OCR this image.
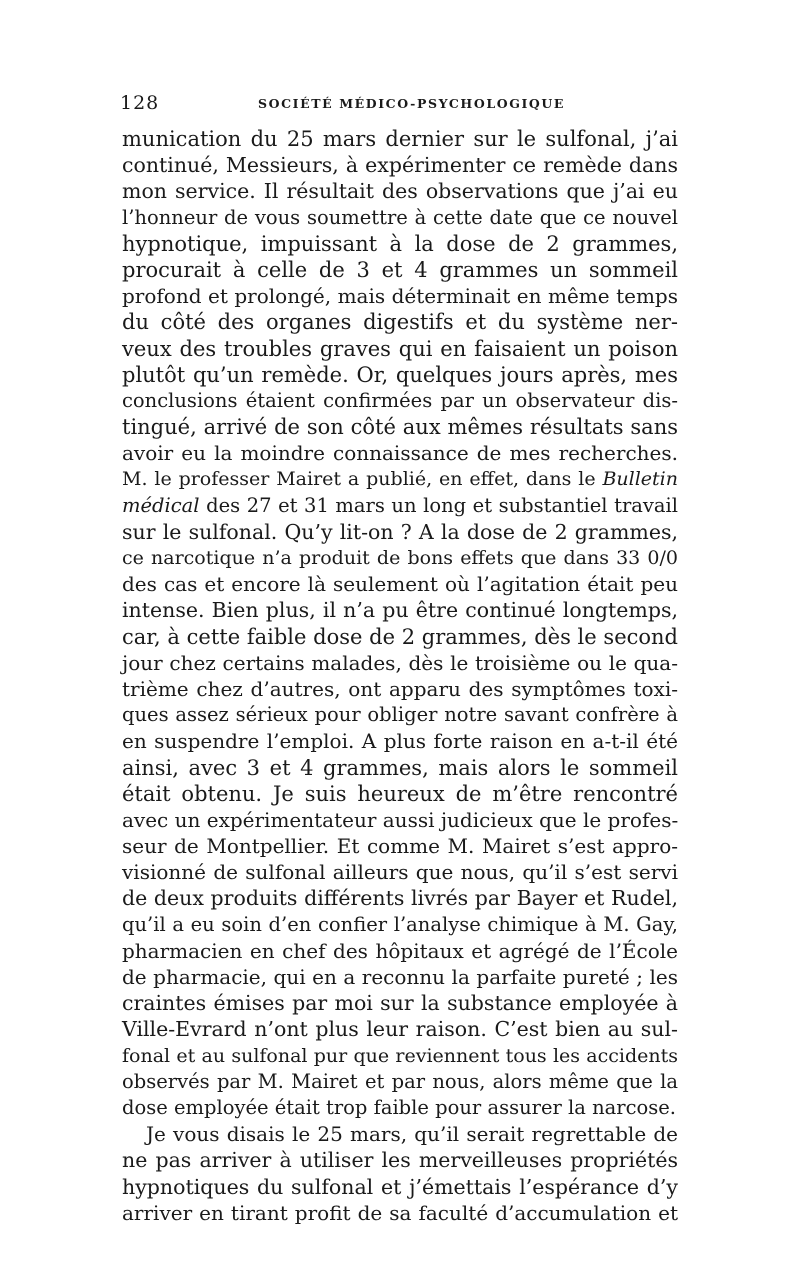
128	SOCIÉTÉ MÉDICO-PSYCHOLOGIQUE
munication du 25 mars dernier sur le sulfonal, j’ai
continué, Messieurs, à expérimenter ce remède dans
mon service. Il résultait des observations que j’ai eu
l’honneur de vous soumettre à cette date que ce nouvel
hypnotique, impuissant à la dose de 2 grammes,
procurait à celle de 3 et 4 grammes un sommeil
profond et prolongé, mais déterminait en même temps
du côté des organes digestifs et du système ner-
veux des troubles graves qui en faisaient un poison
plutôt qu’un remède. Or, quelques jours après, mes
conclusions étaient confirmées par un observateur dis-
tingué, arrivé de son côté aux mêmes résultats sans
avoir eu la moindre connaissance de mes recherches.
M. le professer Mairet a publié, en effet, dans le Bulletin
médical des 27 et 31 mars un long et substantiel travail
sur le sulfonal. Qu’y lit-on ? A la dose de 2 grammes,
ce narcotique n’a produit de bons effets que dans 33 0/0
des cas et encore là seulement où l’agitation était peu
intense. Bien plus, il n’a pu être continué longtemps,
car, à cette faible dose de 2 grammes, dès le second
jour chez certains malades, dès le troisième ou le qua-
trième chez d’autres, ont apparu des symptômes toxi-
ques assez sérieux pour obliger notre savant confrère à
en suspendre l’emploi. A plus forte raison en a-t-il été
ainsi, avec 3 et 4 grammes, mais alors le sommeil
était obtenu. Je suis heureux de m’être rencontré
avec un expérimentateur aussi judicieux que le profes-
seur de Montpellier. Et comme M. Mairet s’est appro-
visionné de sulfonal ailleurs que nous, qu’il s’est servi
de deux produits différents livrés par Bayer et Rudel,
qu’il a eu soin d’en confier l’analyse chimique à M. Gay,
pharmacien en chef des hôpitaux et agrégé de l’École
de pharmacie, qui en a reconnu la parfaite pureté ; les
craintes émises par moi sur la substance employée à
Ville-Evrard n’ont plus leur raison. C’est bien au sul-
fonal et au sulfonal pur que reviennent tous les accidents
observés par M. Mairet et par nous, alors même que la
dose employée était trop faible pour assurer la narcose.
Je vous disais le 25 mars, qu’il serait regrettable de
ne pas arriver à utiliser les merveilleuses propriétés
hypnotiques du sulfonal et j’émettais l’espérance d’y
arriver en tirant profit de sa faculté d’accumulation et
